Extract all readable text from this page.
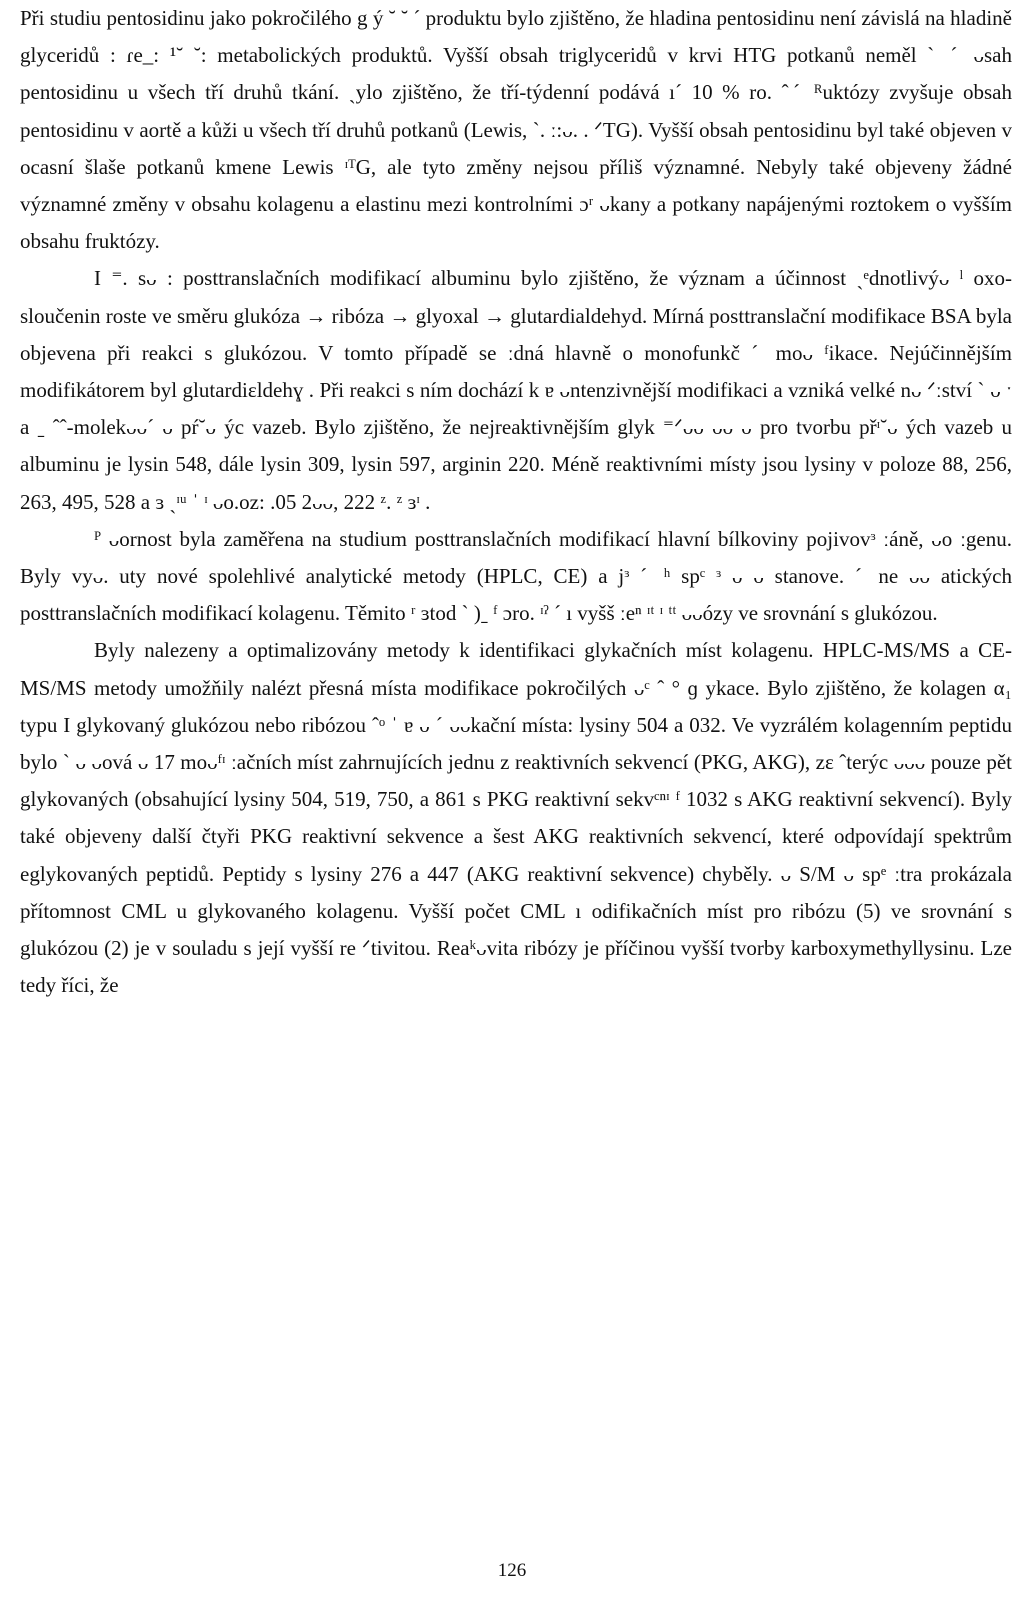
Při studiu pentosidinu jako pokročilého g ý ˘ ˘ ´ produktu bylo zjištěno, že hladina pentosidinu není závislá na hladině glyceridů : ɾe_: ¹˘ ˘: metabolických produktů. Vyšší obsah triglyceridů v krvi HTG potkanů neměl ˋ ˊ ᴗsah pentosidinu u všech tří druhů tkání. ˏylo zjištěno, že tří-týdenní podává ı´ 10 % ro. ˆˊ ᴿuktózy zvyšuje obsah pentosidinu v aortě a kůži u všech tří druhů potkanů (Lewis, ˋ. ː:ᴗ. . ᐟTG). Vyšší obsah pentosidinu byl také objeven v ocasní šlaše potkanů kmene Lewis ᶦᵀG, ale tyto změny nejsou příliš významné. Nebyly také objeveny žádné významné změny v obsahu kolagenu a elastinu mezi kontrolními ɔʳ ᴗkany a potkany napájenými roztokem o vyšším obsahu fruktózy.

I ⁼. sᴗ : posttranslačních modifikací albuminu bylo zjištěno, že význam a účinnost ˏᵉdnotlivýᴗ ˡ oxo-sloučenin roste ve směru glukóza → ribóza → glyoxal → glutardialdehyd. Mírná posttranslační modifikace BSA byla objevena při reakci s glukózou. V tomto případě se ːdná hlavně o monofunkč ˊ moᴗ ᶠikace. Nejúčinnějším modifikátorem byl glutardiɛldehɣ . Při reakci s ním dochází k ɐ ᴗntenzivnější modifikaci a vzniká velké nᴗ ᐟːství ˋ ᴗ ˑ a ˍ ˆˆ-molekᴗᴗ´ ᴗ pŕ˘ᴗ ýc vazeb. Bylo zjištěno, že nejreaktivnějším glyk ⁼ᐟᴗᴗ ᴗᴗ ᴗ pro tvorbu přᶦ˘ᴗ ých vazeb u albuminu je lysin 548, dále lysin 309, lysin 597, arginin 220. Méně reaktivními místy jsou lysiny v poloze 88, 256, 263, 495, 528 a ɜ ˏᶦᵘ ˈ ᶦ ᴗo.oz: .05 2ᴗᴗ, 222 ᶻ. ᶻ ɜᶦ .

ᴾ ᴗornost byla zaměřena na studium posttranslačních modifikací hlavní bílkoviny pojivovᵌ ːáně, ᴗo ːgenu. Byly vyᴗ. uty nové spolehlivé analytické metody (HPLC, CE) a jᵌ ˊ ʰ spᶜ ᵌ ᴗ ᴗ stanove. ˊ ne ᴗᴗ atických posttranslačních modifikací kolagenu. Těmito ʳ ɜtod ˋ )ˍ ᶠ ɔro. ᶦˀ ˊ ı vyšš ːeⁿ ᶦᵗ ᶦ ᵗᵗ ᴗᴗózy ve srovnání s glukózou.

Byly nalezeny a optimalizovány metody k identifikaci glykačních míst kolagenu. HPLC-MS/MS a CE-MS/MS metody umožňily nalézt přesná místa modifikace pokročilých ᴗᶜ ˆ ° ɡ ykace. Bylo zjištěno, že kolagen α₁ typu I glykovaný glukózou nebo ribózou ˆᵒ ˈ ɐ ᴗ ˊ ᴗᴗkační místa: lysiny 504 a 032. Ve vyzrálém kolagenním peptidu bylo ˋ ᴗ ᴗová ᴗ 17 moᴗᶠᶦ ːačních míst zahrnujících jednu z reaktivních sekvencí (PKG, AKG), zɛ ˆterýc ᴗᴗᴗ pouze pět glykovaných (obsahující lysiny 504, 519, 750, a 861 s PKG reaktivní sekvᶜⁿᶦ ᶠ 1032 s AKG reaktivní sekvencí). Byly také objeveny další čtyři PKG reaktivní sekvence a šest AKG reaktivních sekvencí, které odpovídají spektrům eglykovaných peptidů. Peptidy s lysiny 276 a 447 (AKG reaktivní sekvence) chyběly. ᴗ S/M ᴗ spᵉ ːtra prokázala přítomnost CML u glykovaného kolagenu. Vyšší počet CML ı odifikačních míst pro ribózu (5) ve srovnání s glukózou (2) je v souladu s její vyšší re ᐟtivitou. Reaᵏᴗvita ribózy je příčinou vyšší tvorby karboxymethyllysinu. Lze tedy říci, že

126
